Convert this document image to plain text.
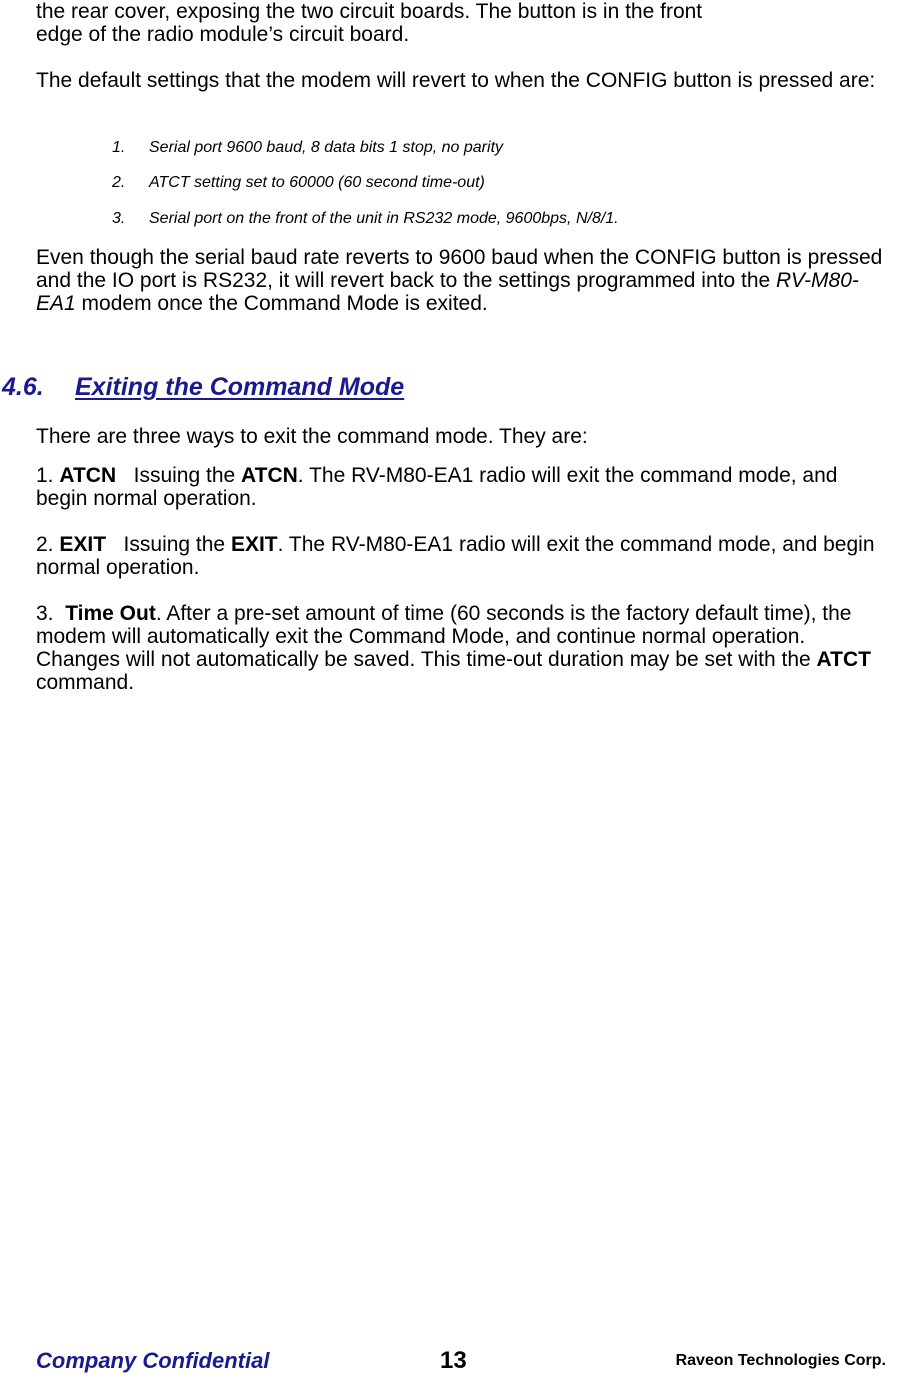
the rear cover, exposing the two circuit boards. The button is in the front
edge of the radio module’s circuit board.

The default settings that the modem will revert to when the CONFIG button is pressed are:

1. Serial port 9600 baud, 8 data bits 1 stop, no parity
2. ATCT setting set to 60000 (60 second time-out)
3. Serial port on the front of the unit in RS232 mode, 9600bps, N/8/1.

Even though the serial baud rate reverts to 9600 baud when the CONFIG button is pressed and the IO port is RS232, it will revert back to the settings programmed into the RV-M80-EA1 modem once the Command Mode is exited.

4.6. Exiting the Command Mode

There are three ways to exit the command mode. They are:

1. ATCN   Issuing the ATCN. The RV-M80-EA1 radio will exit the command mode, and begin normal operation.

2. EXIT   Issuing the EXIT. The RV-M80-EA1 radio will exit the command mode, and begin normal operation.

3.  Time Out. After a pre-set amount of time (60 seconds is the factory default time), the modem will automatically exit the Command Mode, and continue normal operation. Changes will not automatically be saved. This time-out duration may be set with the ATCT command.

Company Confidential	13	Raveon Technologies Corp.
